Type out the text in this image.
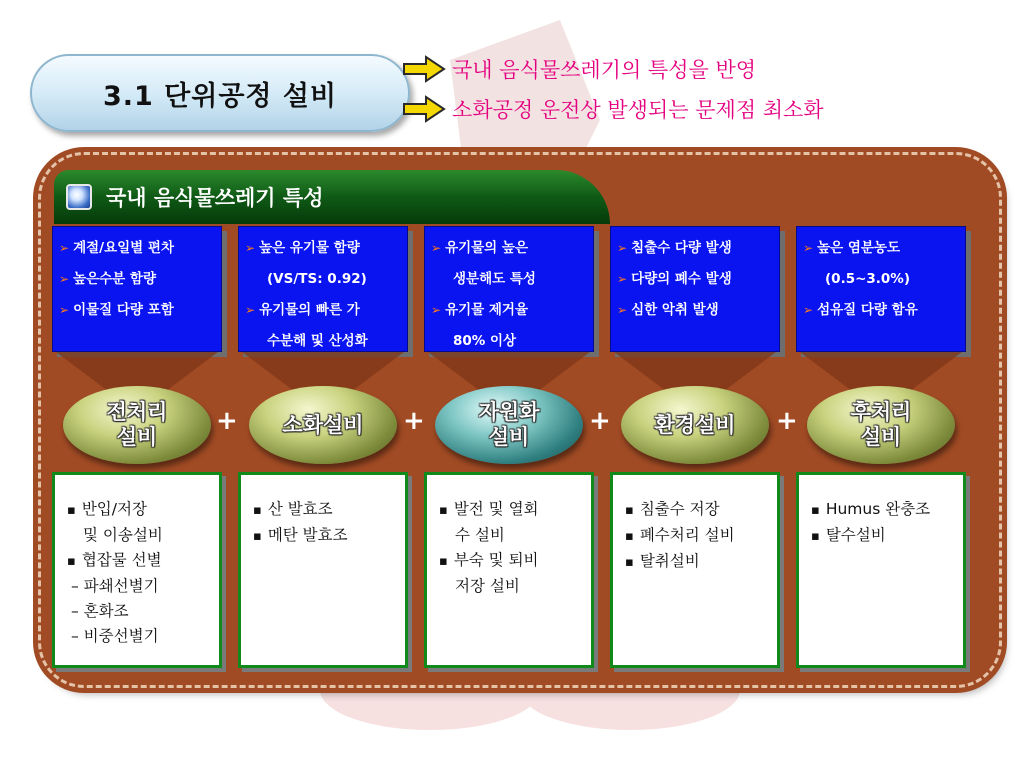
3.1 단위공정 설비
국내 음식물쓰레기의 특성을 반영
소화공정 운전상 발생되는 문제점 최소화
국내 음식물쓰레기 특성
➢ 계절/요일별 편차
➢ 높은수분 함량
➢ 이물질 다량 포함
전처리
설비
▪ 반입/저장
및 이송설비
▪ 협잡물 선별
– 파쇄선별기
– 혼화조
– 비중선별기
➢ 높은 유기물 함량
(VS/TS: 0.92)
➢ 유기물의 빠른 가
수분해 및 산성화
소화설비
▪ 산 발효조
▪ 메탄 발효조
➢ 유기물의 높은
생분해도 특성
➢ 유기물 제거율
80% 이상
자원화
설비
▪ 발전 및 열회
수 설비
▪ 부숙 및 퇴비
저장 설비
➢ 침출수 다량 발생
➢ 다량의 폐수 발생
➢ 심한 악취 발생
환경설비
▪ 침출수 저장
▪ 폐수처리 설비
▪ 탈취설비
➢ 높은 염분농도
(0.5~3.0%)
➢ 섬유질 다량 함유
후처리
설비
▪ Humus 완충조
▪ 탈수설비
+	+	+	+
